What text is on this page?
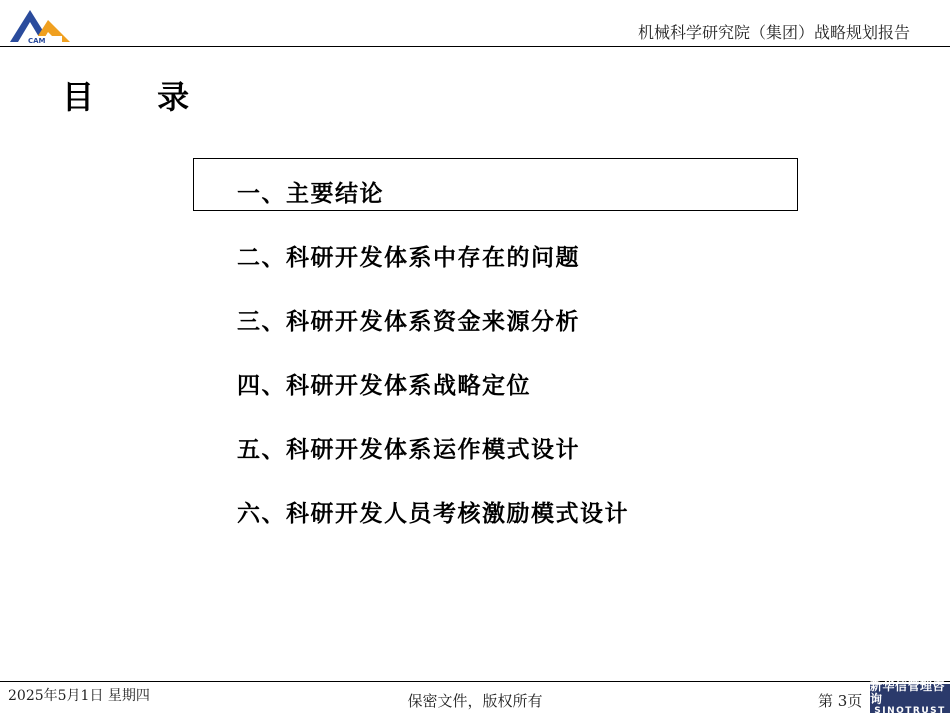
CAM	机械科学研究院（集团）战略规划报告
目 录
一、主要结论
二、科研开发体系中存在的问题
三、科研开发体系资金来源分析
四、科研开发体系战略定位
五、科研开发体系运作模式设计
六、科研开发人员考核激励模式设计
2025年5月1日 星期四	保密文件，版权所有	第 3页
新华信管理咨询
SINOTRUST
